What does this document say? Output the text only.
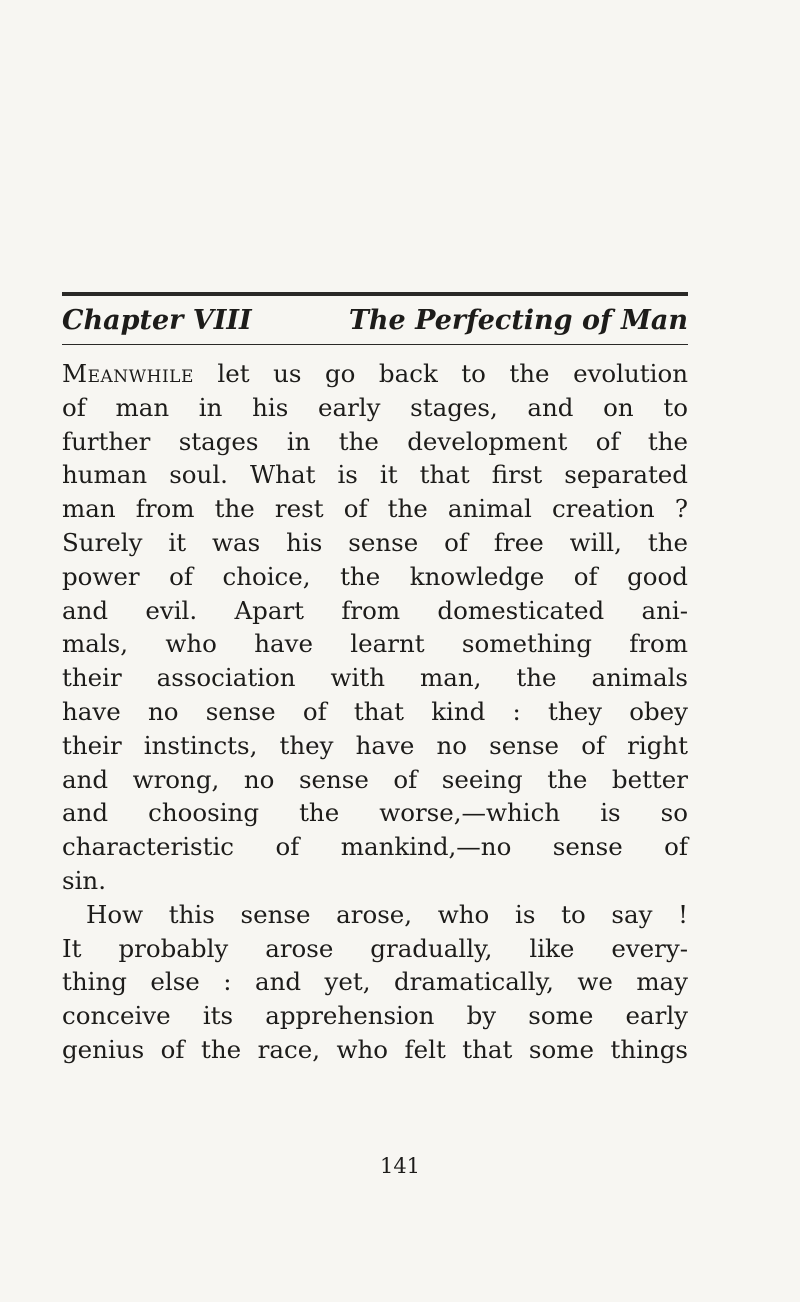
Chapter VIII	The Perfecting of Man
Meanwhile let us go back to the evolution
of man in his early stages, and on to
further stages in the development of the
human soul. What is it that first separated
man from the rest of the animal creation ?
Surely it was his sense of free will, the
power of choice, the knowledge of good
and evil. Apart from domesticated ani-
mals, who have learnt something from
their association with man, the animals
have no sense of that kind : they obey
their instincts, they have no sense of right
and wrong, no sense of seeing the better
and choosing the worse,—which is so
characteristic of mankind,—no sense of
sin.
How this sense arose, who is to say !
It probably arose gradually, like every-
thing else : and yet, dramatically, we may
conceive its apprehension by some early
genius of the race, who felt that some things
141
